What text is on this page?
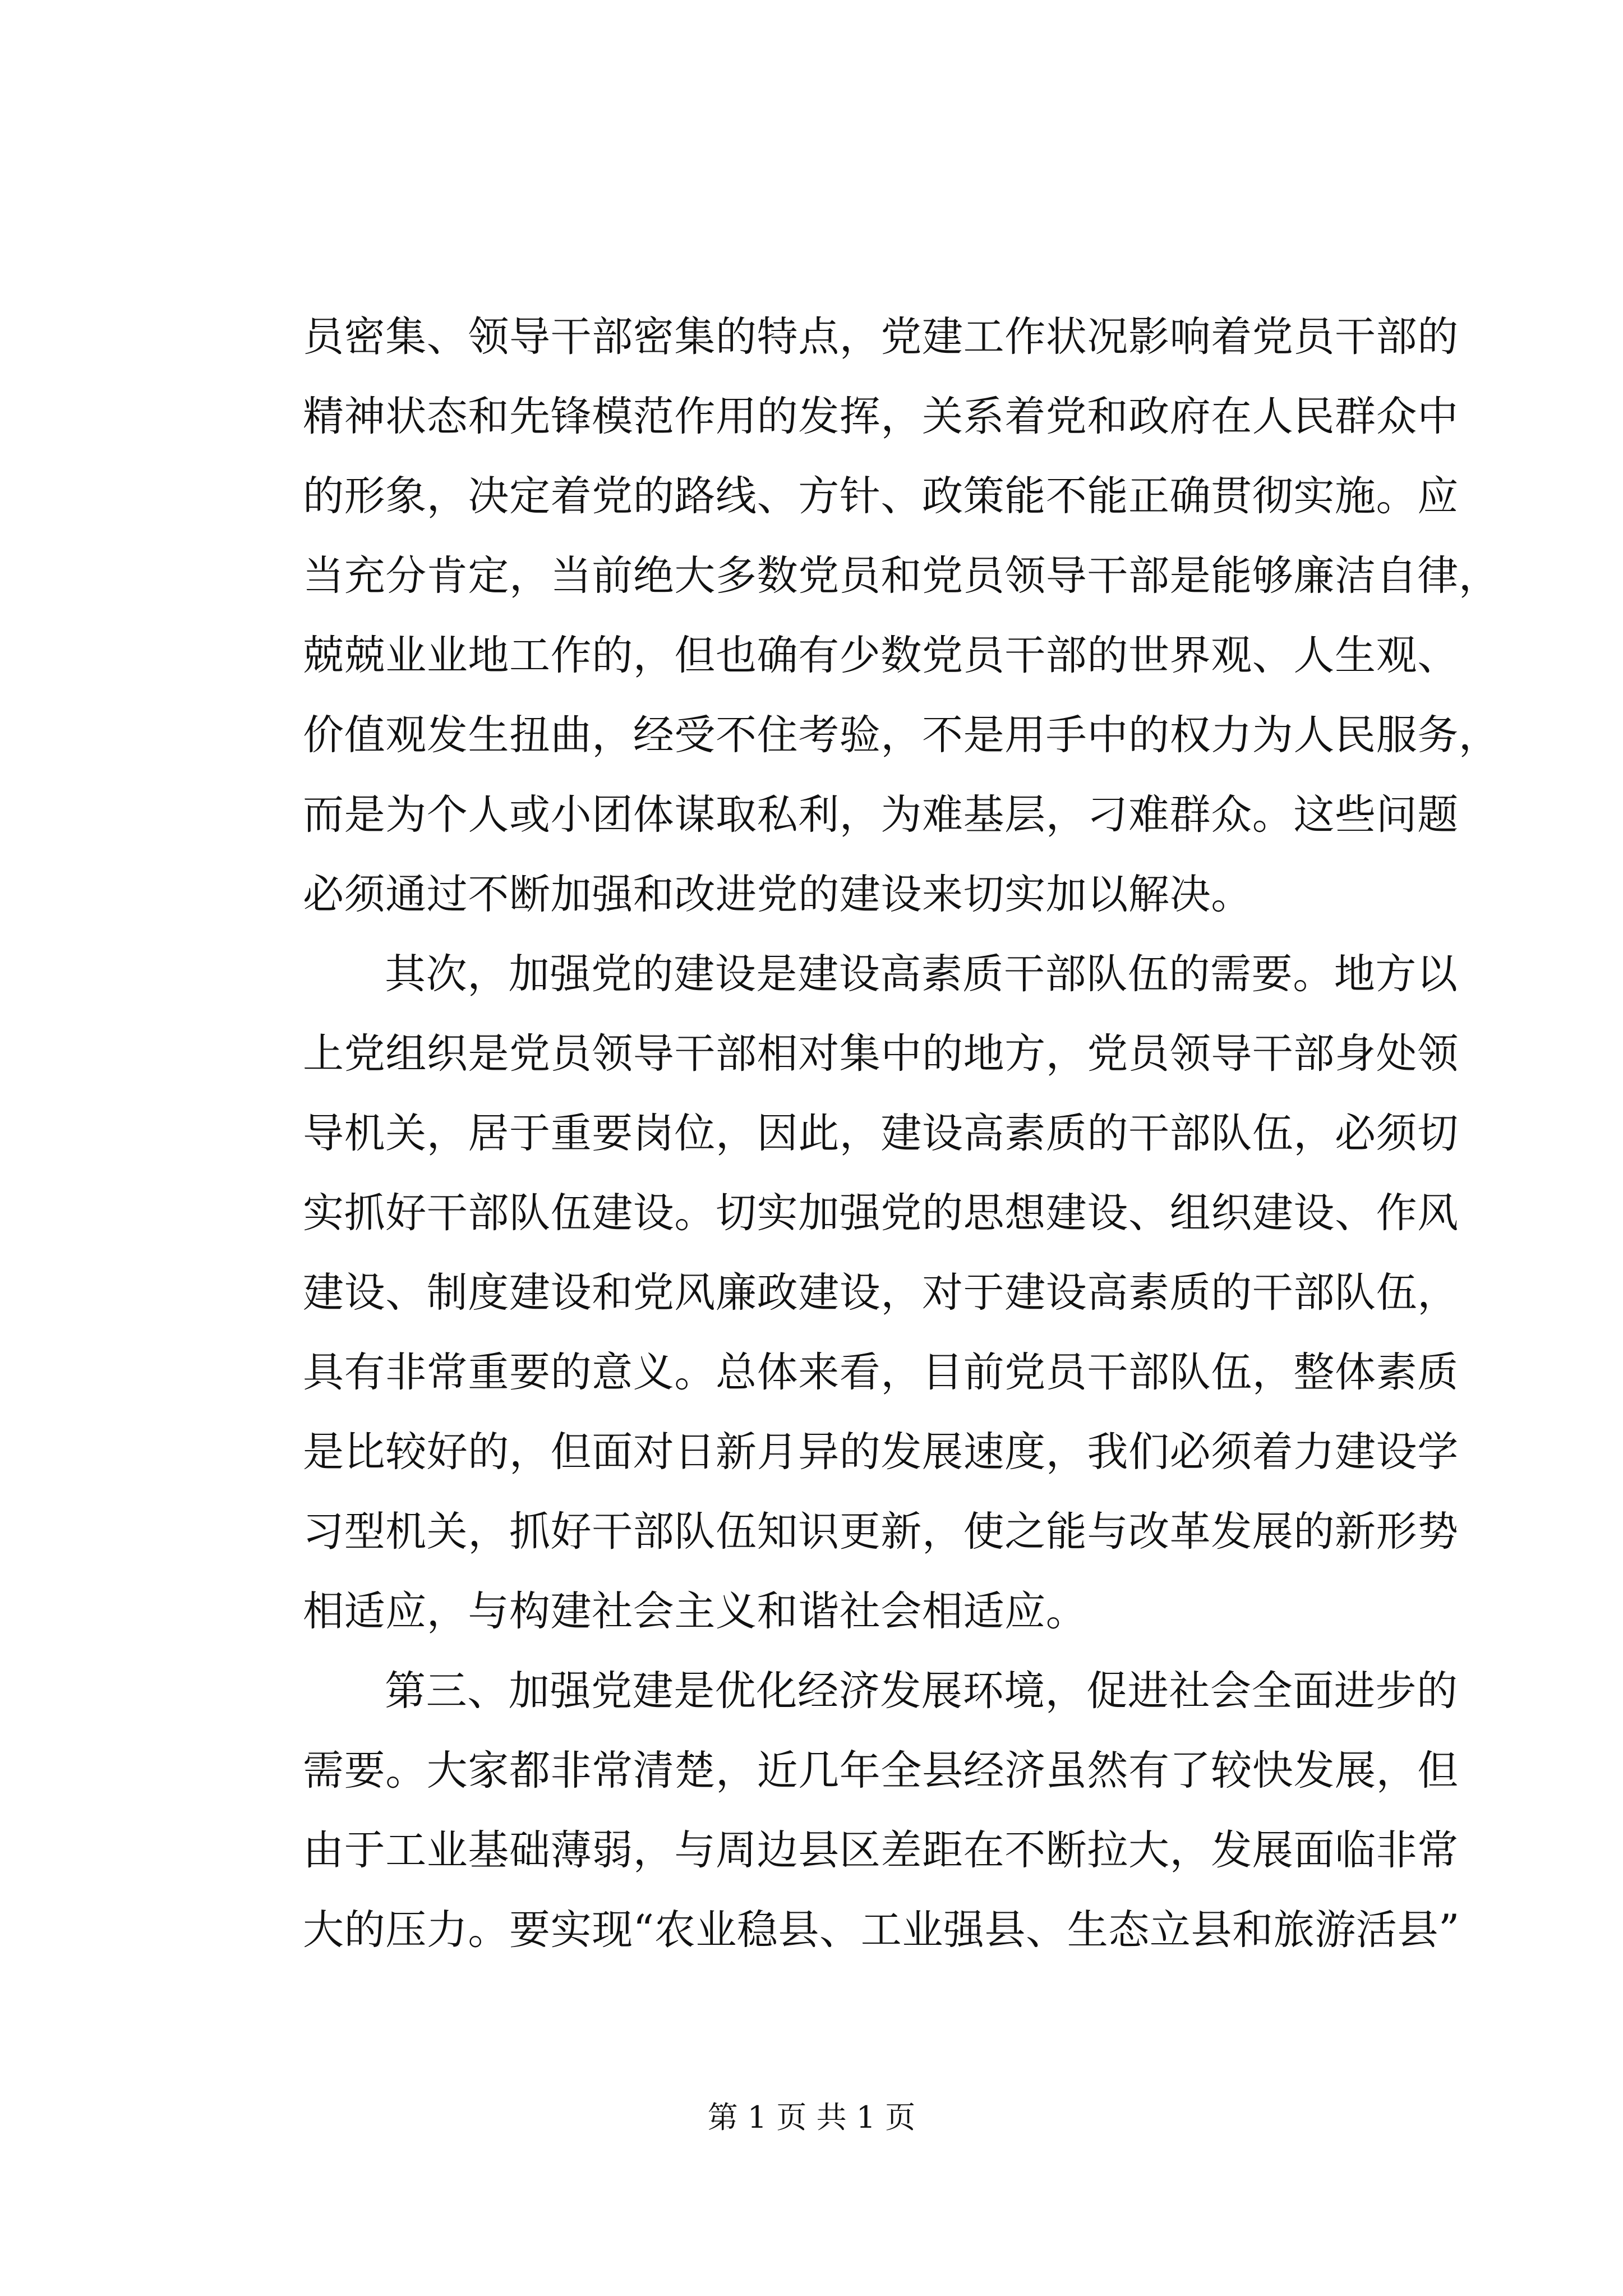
员密集、领导干部密集的特点，党建工作状况影响着党员干部的

精神状态和先锋模范作用的发挥，关系着党和政府在人民群众中

的形象，决定着党的路线、方针、政策能不能正确贯彻实施。应

当充分肯定，当前绝大多数党员和党员领导干部是能够廉洁自律，

兢兢业业地工作的，但也确有少数党员干部的世界观、人生观、

价值观发生扭曲，经受不住考验，不是用手中的权力为人民服务，

而是为个人或小团体谋取私利，为难基层，刁难群众。这些问题

必须通过不断加强和改进党的建设来切实加以解决。

其次，加强党的建设是建设高素质干部队伍的需要。地方以

上党组织是党员领导干部相对集中的地方，党员领导干部身处领

导机关，居于重要岗位，因此，建设高素质的干部队伍，必须切

实抓好干部队伍建设。切实加强党的思想建设、组织建设、作风

建设、制度建设和党风廉政建设，对于建设高素质的干部队伍，

具有非常重要的意义。总体来看，目前党员干部队伍，整体素质

是比较好的，但面对日新月异的发展速度，我们必须着力建设学

习型机关，抓好干部队伍知识更新，使之能与改革发展的新形势

相适应，与构建社会主义和谐社会相适应。

第三、加强党建是优化经济发展环境，促进社会全面进步的

需要。大家都非常清楚，近几年全县经济虽然有了较快发展，但

由于工业基础薄弱，与周边县区差距在不断拉大，发展面临非常

大的压力。要实现“农业稳县、工业强县、生态立县和旅游活县”

第 1 页 共 1 页
